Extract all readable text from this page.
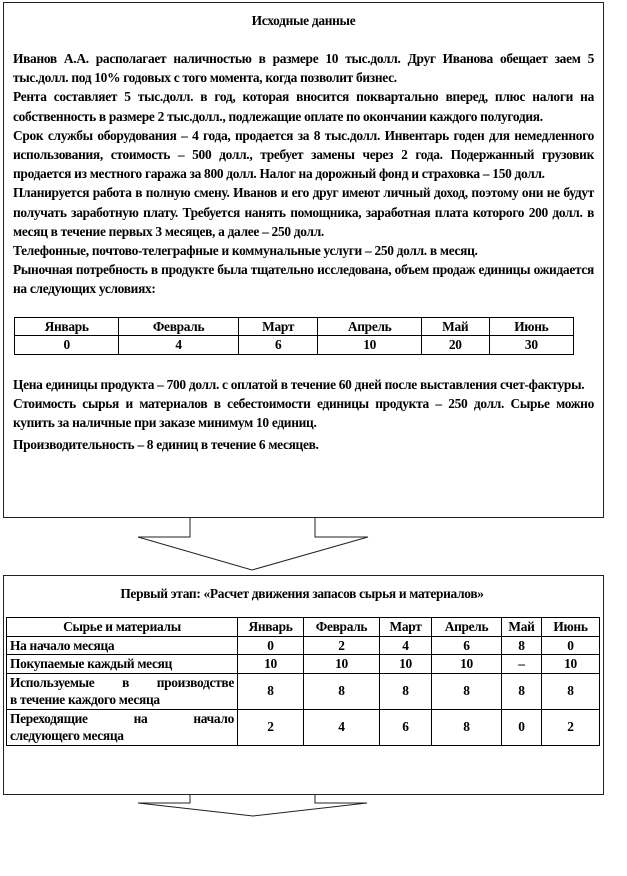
Исходные данные

Иванов А.А. располагает наличностью в размере 10 тыс.долл. Друг Иванова обещает заем 5 тыс.долл. под 10% годовых с того момента, когда позволит бизнес.

Рента составляет 5 тыс.долл. в год, которая вносится поквартально вперед, плюс налоги на собственность в размере 2 тыс.долл., подлежащие оплате по окончании каждого полугодия.

Срок службы оборудования – 4 года, продается за 8 тыс.долл. Инвентарь годен для немедленного использования, стоимость – 500 долл., требует замены через 2 года. Подержанный грузовик продается из местного гаража за 800 долл. Налог на дорожный фонд и страховка – 150 долл.

Планируется работа в полную смену. Иванов и его друг имеют личный доход, поэтому они не будут получать заработную плату. Требуется нанять помощника, заработная плата которого 200 долл. в месяц в течение первых 3 месяцев, а далее – 250 долл.

Телефонные, почтово-телеграфные и коммунальные услуги – 250 долл. в месяц.

Рыночная потребность в продукте была тщательно исследована, объем продаж единицы ожидается на следующих условиях:

Январь	Февраль	Март	Апрель	Май	Июнь
0	4	6	10	20	30

Цена единицы продукта – 700 долл. с оплатой в течение 60 дней после выставления счет-фактуры.

Стоимость сырья и материалов в себестоимости единицы продукта – 250 долл. Сырье можно купить за наличные при заказе минимум 10 единиц.

Производительность – 8 единиц в течение 6 месяцев.

Первый этап: «Расчет движения запасов сырья и материалов»
Сырье и материалы	Январь	Февраль	Март	Апрель	Май	Июнь
На начало месяца	0	2	4	6	8	0
Покупаемые каждый месяц	10	10	10	10	–	10

Используемые в производстве
в течение каждого месяца	8	8	8	8	8	8

Переходящие на начало
следующего месяца	2	4	6	8	0	2
